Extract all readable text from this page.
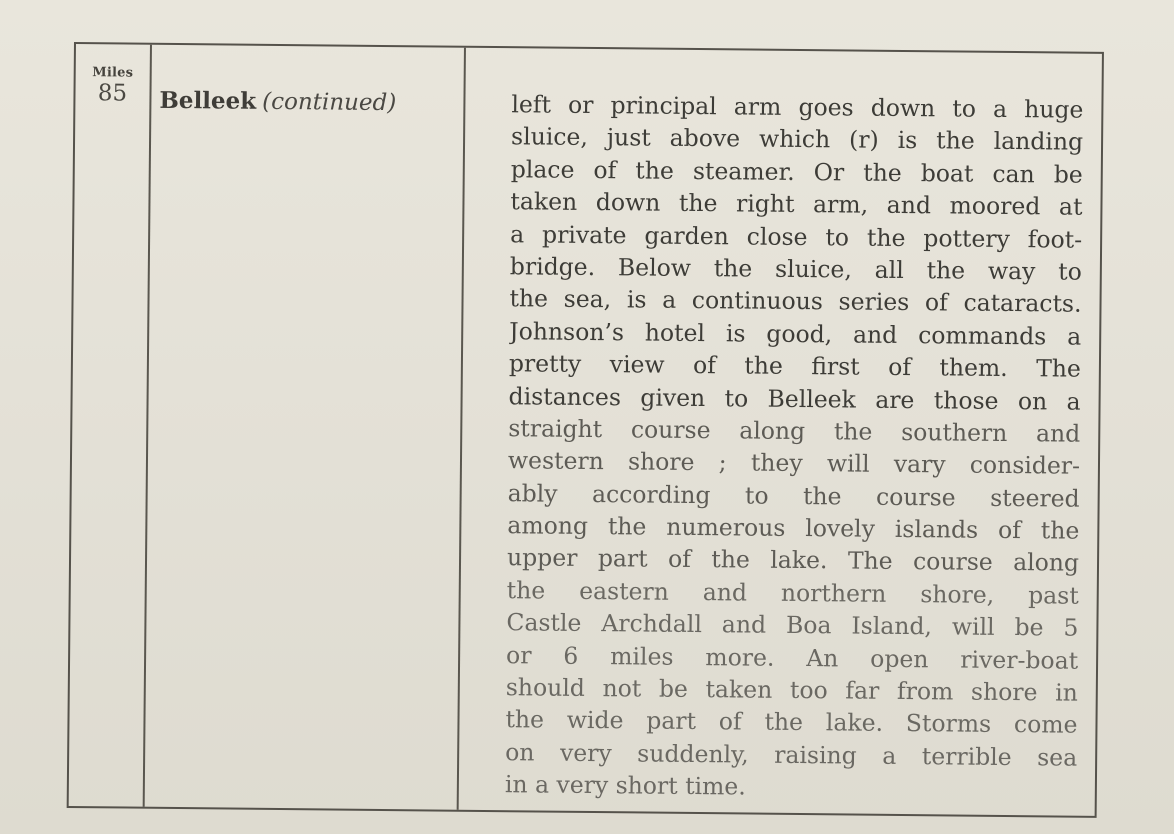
Miles
85	Belleek (continued)	left or principal arm goes down to a huge
sluice, just above which (r) is the landing
place of the steamer. Or the boat can be
taken down the right arm, and moored at
a private garden close to the pottery foot-
bridge. Below the sluice, all the way to
the sea, is a continuous series of cataracts.
Johnson’s hotel is good, and commands a
pretty view of the first of them. The
distances given to Belleek are those on a
straight course along the southern and
western shore ; they will vary consider-
ably according to the course steered
among the numerous lovely islands of the
upper part of the lake. The course along
the eastern and northern shore, past
Castle Archdall and Boa Island, will be 5
or 6 miles more. An open river-boat
should not be taken too far from shore in
the wide part of the lake. Storms come
on very suddenly, raising a terrible sea
in a very short time.
